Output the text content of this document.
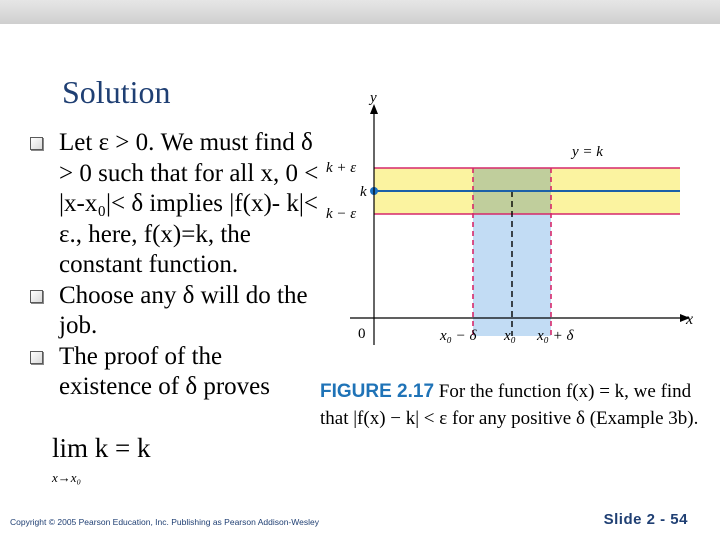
Solution
Let ε > 0. We must find δ > 0 such that for all x, 0 < |x-x₀|< δ implies |f(x)- k|< ε., here, f(x)=k, the constant function.
Choose any δ will do the job.
The proof of the existence of δ proves
lim k = k
x→x₀
y
x
y = k
k + ε
k
k − ε
0	x₀ − δ x₀ x₀ + δ
FIGURE 2.17 For the function f(x) = k, we find that |f(x) − k| < ε for any positive δ (Example 3b).
Copyright © 2005 Pearson Education, Inc. Publishing as Pearson Addison-Wesley	Slide 2 - 54
